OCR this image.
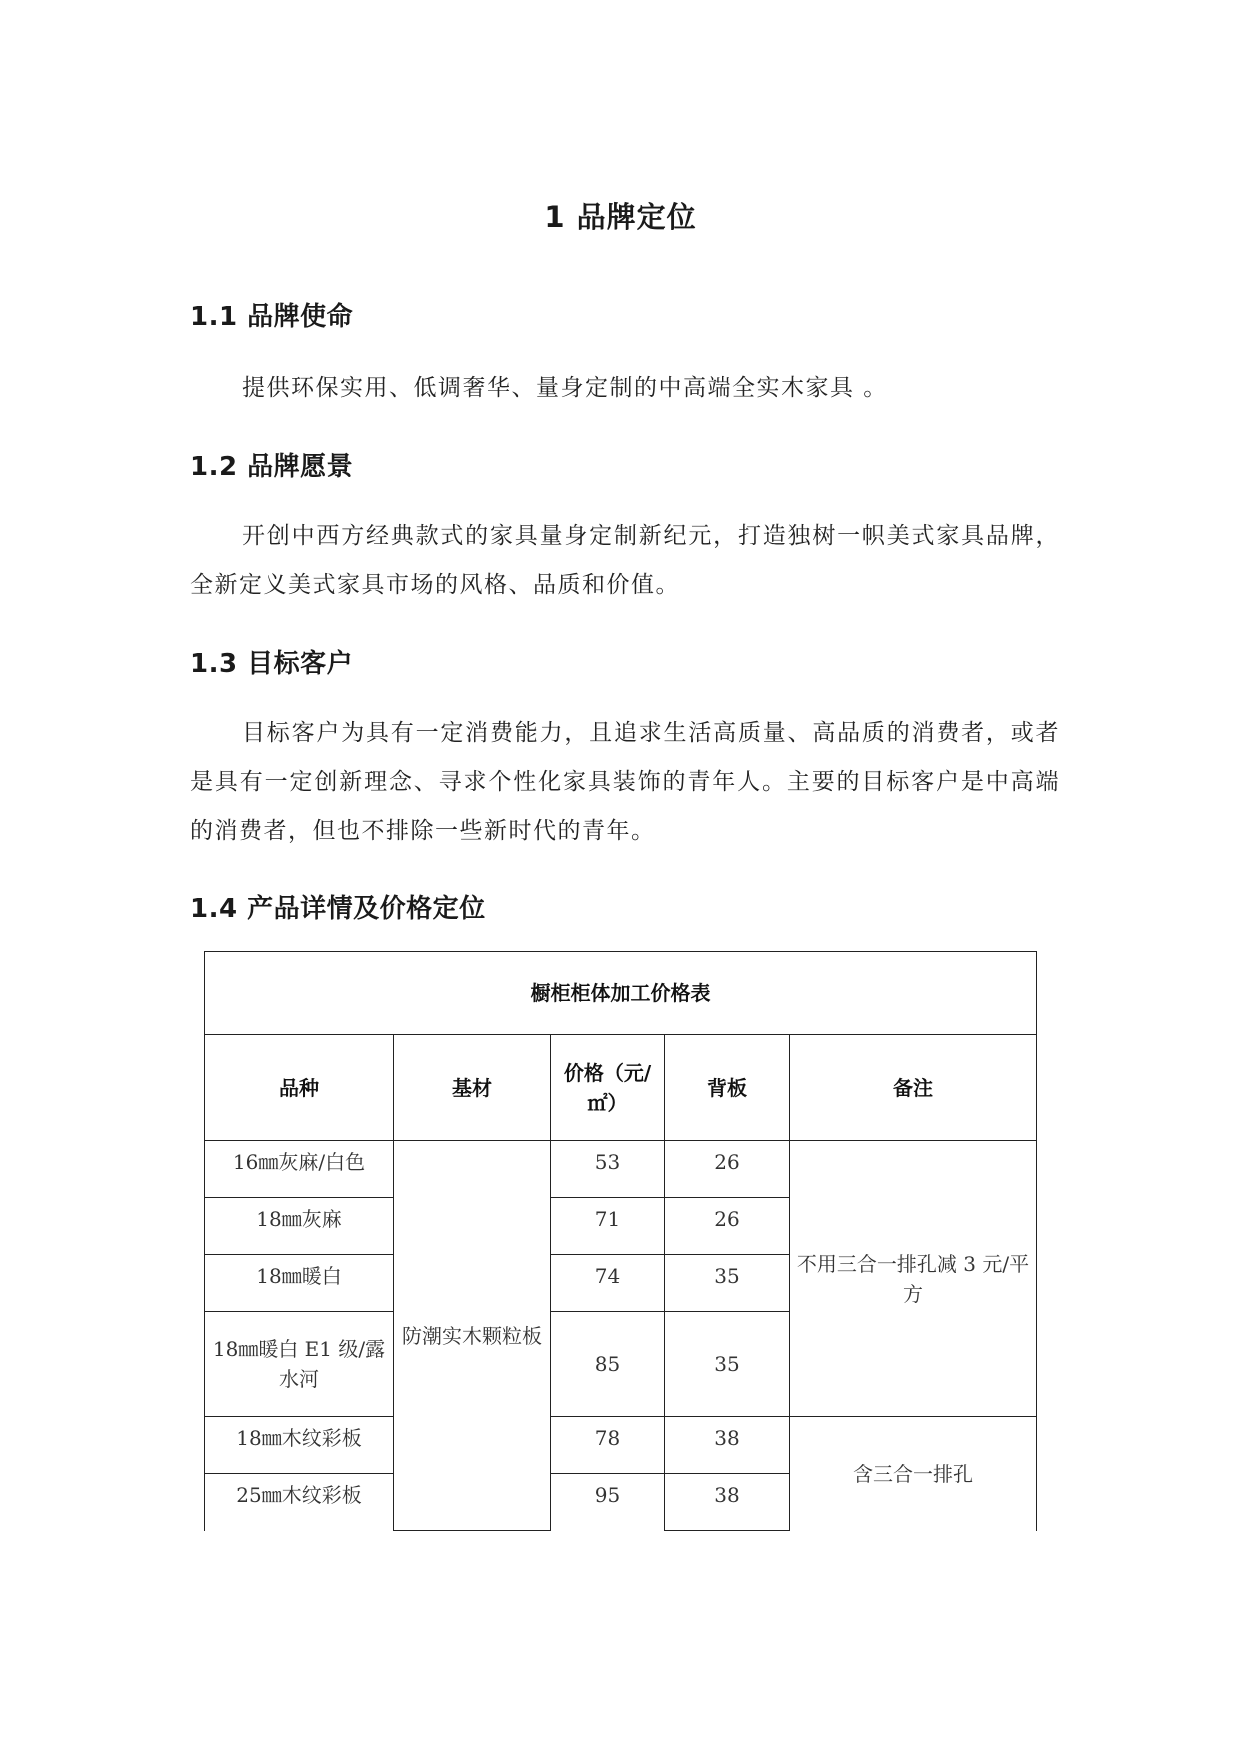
1 品牌定位
1.1 品牌使命
提供环保实用、低调奢华、量身定制的中高端全实木家具 。
1.2 品牌愿景
开创中西方经典款式的家具量身定制新纪元，打造独树一帜美式家具品牌，全新定义美式家具市场的风格、品质和价值。
1.3 目标客户
目标客户为具有一定消费能力，且追求生活高质量、高品质的消费者，或者是具有一定创新理念、寻求个性化家具装饰的青年人。主要的目标客户是中高端的消费者，但也不排除一些新时代的青年。
1.4 产品详情及价格定位
橱柜柜体加工价格表				
品种	基材	价格（元/㎡）	背板	备注
16㎜灰麻/白色	防潮实木颗粒板	53	26	不用三合一排孔减 3 元/平方
18㎜灰麻		71	26	
18㎜暖白		74	35	
18㎜暖白 E1 级/露水河		85	35	
18㎜木纹彩板		78	38	含三合一排孔
25㎜木纹彩板		95	38	
